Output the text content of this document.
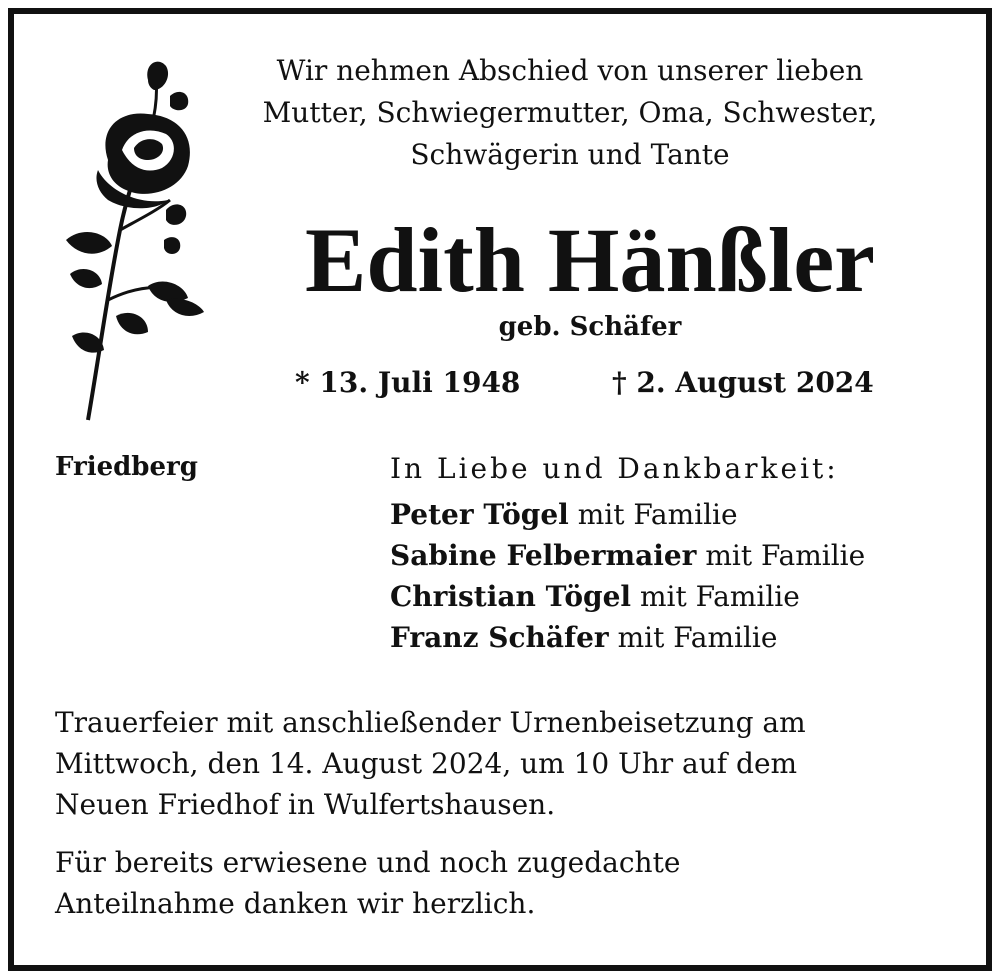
Wir nehmen Abschied von unserer lieben
Mutter, Schwiegermutter, Oma, Schwester,
Schwägerin und Tante
Edith Hänßler
geb. Schäfer
* 13. Juli 1948	† 2. August 2024
Friedberg	In Liebe und Dankbarkeit:
Peter Tögel mit Familie
Sabine Felbermaier mit Familie
Christian Tögel mit Familie
Franz Schäfer mit Familie
Trauerfeier mit anschließender Urnenbeisetzung am
Mittwoch, den 14. August 2024, um 10 Uhr auf dem
Neuen Friedhof in Wulfertshausen.
Für bereits erwiesene und noch zugedachte
Anteilnahme danken wir herzlich.
